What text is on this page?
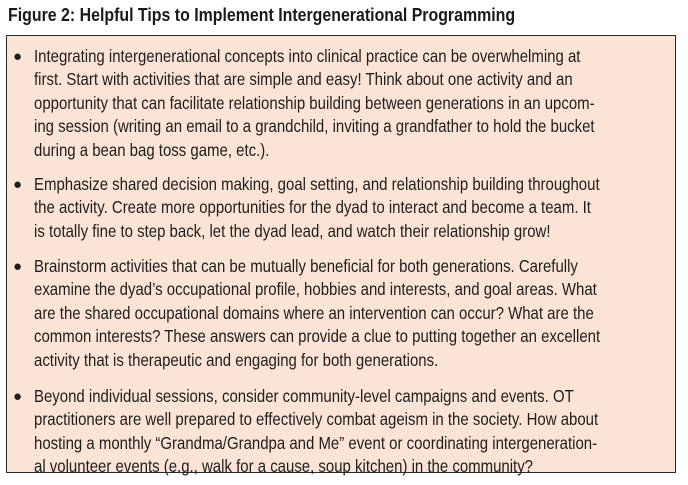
Figure 2: Helpful Tips to Implement Intergenerational Programming
● Integrating intergenerational concepts into clinical practice can be overwhelming at
first. Start with activities that are simple and easy! Think about one activity and an
opportunity that can facilitate relationship building between generations in an upcom-
ing session (writing an email to a grandchild, inviting a grandfather to hold the bucket
during a bean bag toss game, etc.).
● Emphasize shared decision making, goal setting, and relationship building throughout
the activity. Create more opportunities for the dyad to interact and become a team. It
is totally fine to step back, let the dyad lead, and watch their relationship grow!
● Brainstorm activities that can be mutually beneficial for both generations. Carefully
examine the dyad’s occupational profile, hobbies and interests, and goal areas. What
are the shared occupational domains where an intervention can occur? What are the
common interests? These answers can provide a clue to putting together an excellent
activity that is therapeutic and engaging for both generations.
● Beyond individual sessions, consider community-level campaigns and events. OT
practitioners are well prepared to effectively combat ageism in the society. How about
hosting a monthly “Grandma/Grandpa and Me” event or coordinating intergeneration-
al volunteer events (e.g., walk for a cause, soup kitchen) in the community?
